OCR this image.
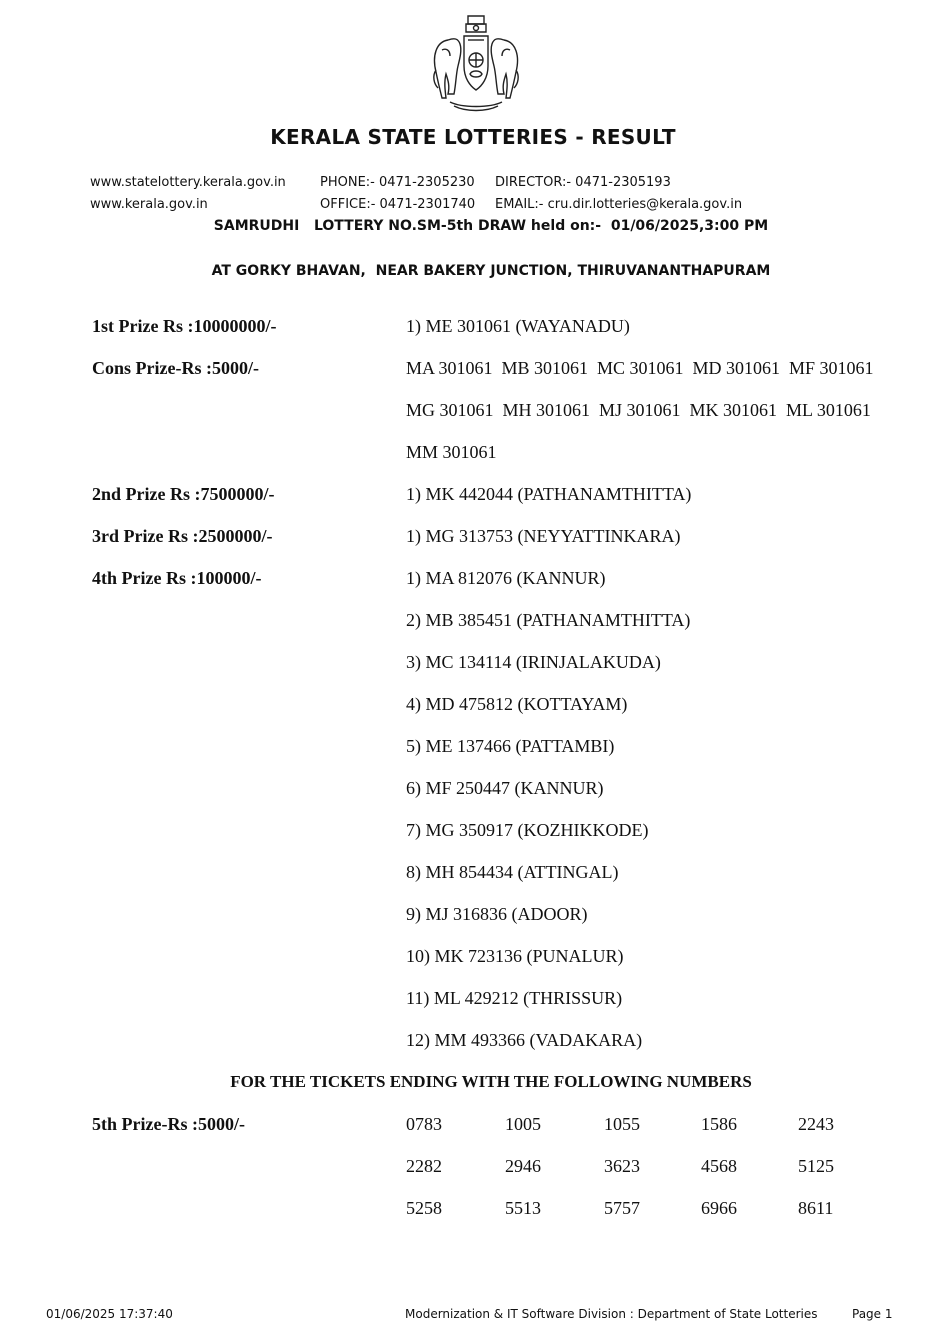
KERALA STATE LOTTERIES - RESULT
www.statelottery.kerala.gov.in
www.kerala.gov.in
PHONE:- 0471-2305230
OFFICE:- 0471-2301740
DIRECTOR:- 0471-2305193
EMAIL:- cru.dir.lotteries@kerala.gov.in
SAMRUDHI   LOTTERY NO.SM-5th DRAW held on:-  01/06/2025,3:00 PM
AT GORKY BHAVAN,  NEAR BAKERY JUNCTION, THIRUVANANTHAPURAM
1st Prize Rs :10000000/-	1) ME 301061 (WAYANADU)
Cons Prize-Rs :5000/-	MA 301061  MB 301061  MC 301061  MD 301061  MF 301061
MG 301061  MH 301061  MJ 301061  MK 301061  ML 301061
MM 301061
2nd Prize Rs :7500000/-	1) MK 442044 (PATHANAMTHITTA)
3rd Prize Rs :2500000/-	1) MG 313753 (NEYYATTINKARA)
4th Prize Rs :100000/-	1) MA 812076 (KANNUR)
2) MB 385451 (PATHANAMTHITTA)
3) MC 134114 (IRINJALAKUDA)
4) MD 475812 (KOTTAYAM)
5) ME 137466 (PATTAMBI)
6) MF 250447 (KANNUR)
7) MG 350917 (KOZHIKKODE)
8) MH 854434 (ATTINGAL)
9) MJ 316836 (ADOOR)
10) MK 723136 (PUNALUR)
11) ML 429212 (THRISSUR)
12) MM 493366 (VADAKARA)
FOR THE TICKETS ENDING WITH THE FOLLOWING NUMBERS
5th Prize-Rs :5000/-	0783	1005	1055	1586	2243
2282	2946	3623	4568	5125
5258	5513	5757	6966	8611
01/06/2025 17:37:40	Modernization & IT Software Division : Department of State Lotteries	Page 1
